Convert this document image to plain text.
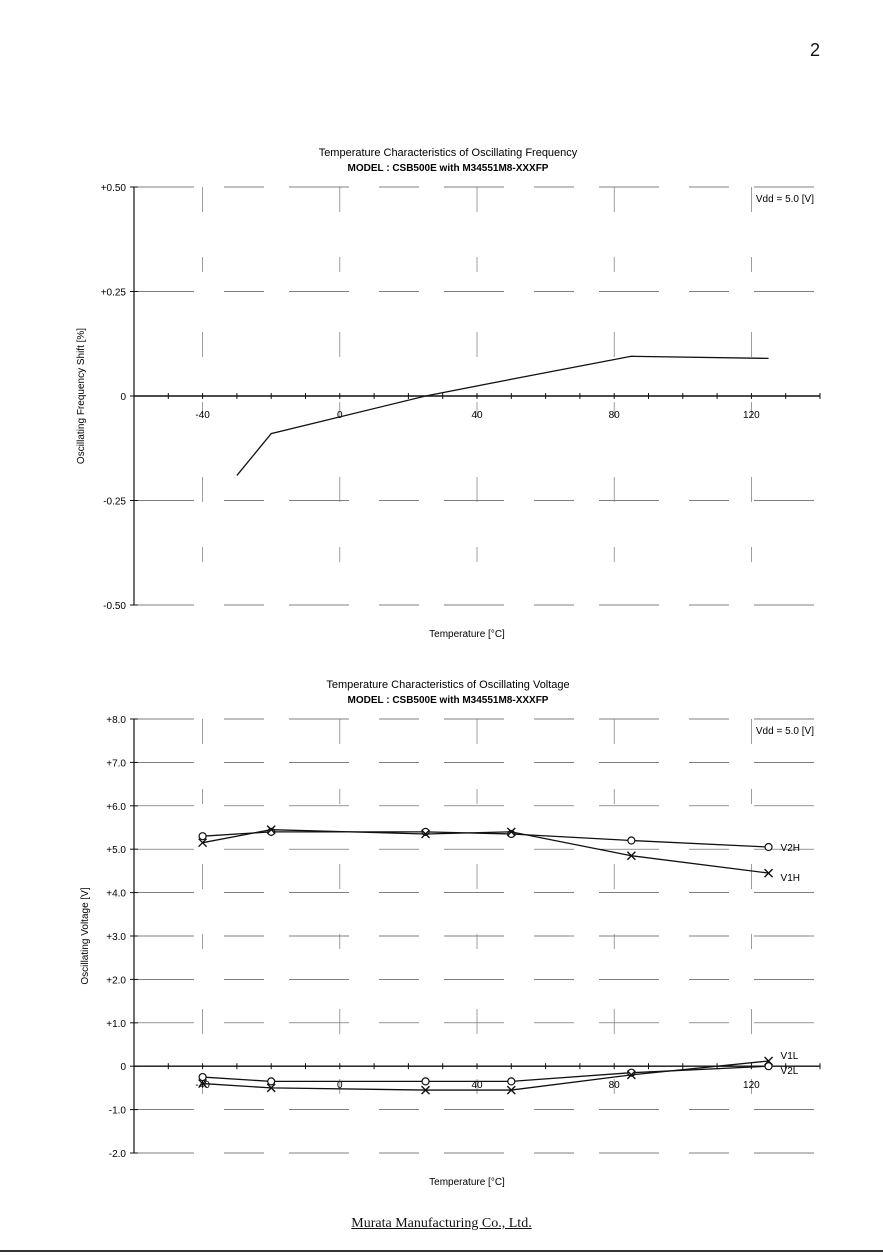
2
Temperature Characteristics of Oscillating Frequency
MODEL : CSB500E with M34551M8-XXXFP
Vdd = 5.0 [V]
+0.50
+0.25
0
-0.25
-0.50
-40	0	40	80	120
Temperature [°C]
Oscillating Frequency Shift [%]
Temperature Characteristics of Oscillating Voltage
MODEL : CSB500E with M34551M8-XXXFP
Vdd = 5.0 [V]
+8.0
+7.0
+6.0
+5.0
+4.0
+3.0
+2.0
+1.0
0
-1.0
-2.0
-40	0	40	80	120
Temperature [°C]
Oscillating Voltage [V]
V2H
V1H
V2L
V1L
Murata Manufacturing Co., Ltd.
